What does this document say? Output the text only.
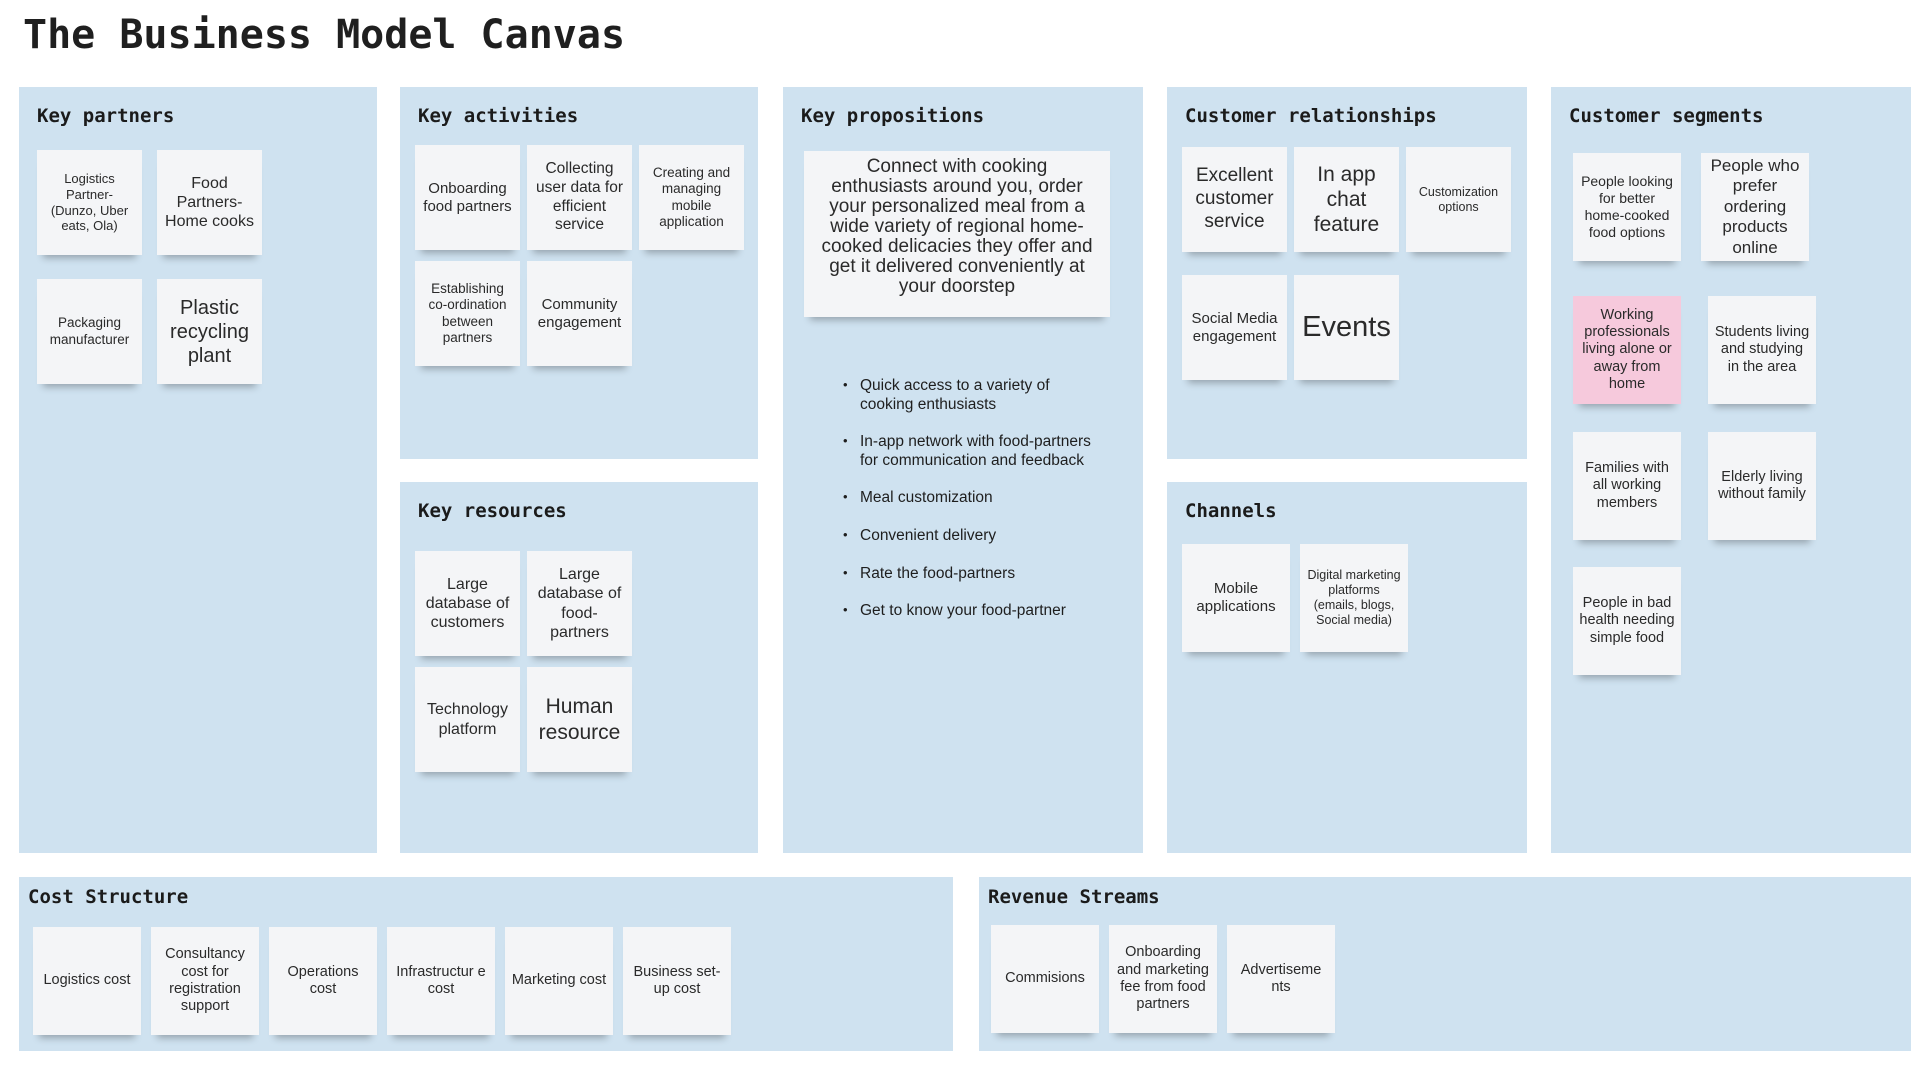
The Business Model Canvas
Key partners
Logistics Partner- (Dunzo, Uber eats, Ola)
Food Partners- Home cooks
Packaging manufacturer
Plastic recycling plant
Key activities
Onboarding food partners
Collecting user data for efficient service
Creating and managing mobile application
Establishing co-ordination between partners
Community engagement
Key resources
Large database of customers
Large database of food-partners
Technology platform
Human resource
Key propositions
Connect with cooking enthusiasts around you, order your personalized meal from a wide variety of regional home-cooked delicacies they offer and get it delivered conveniently at your doorstep
• Quick access to a variety of cooking enthusiasts
• In-app network with food-partners for communication and feedback
• Meal customization
• Convenient delivery
• Rate the food-partners
• Get to know your food-partner
Customer relationships
Excellent customer service
In app chat feature
Customization options
Social Media engagement Events
Channels
Mobile applications
Digital marketing platforms (emails, blogs, Social media)
Customer segments
People looking for better home-cooked food options
People who prefer ordering products online
Working professionals living alone or away from home
Students living and studying in the area
Families with all working members
Elderly living without family
People in bad health needing simple food
Cost Structure
Logistics cost
Consultancy cost for registration support
Operations cost
Infrastructur e cost
Marketing cost
Business set-up cost
Revenue Streams
Commisions
Onboarding and marketing fee from food partners
Advertiseme nts
